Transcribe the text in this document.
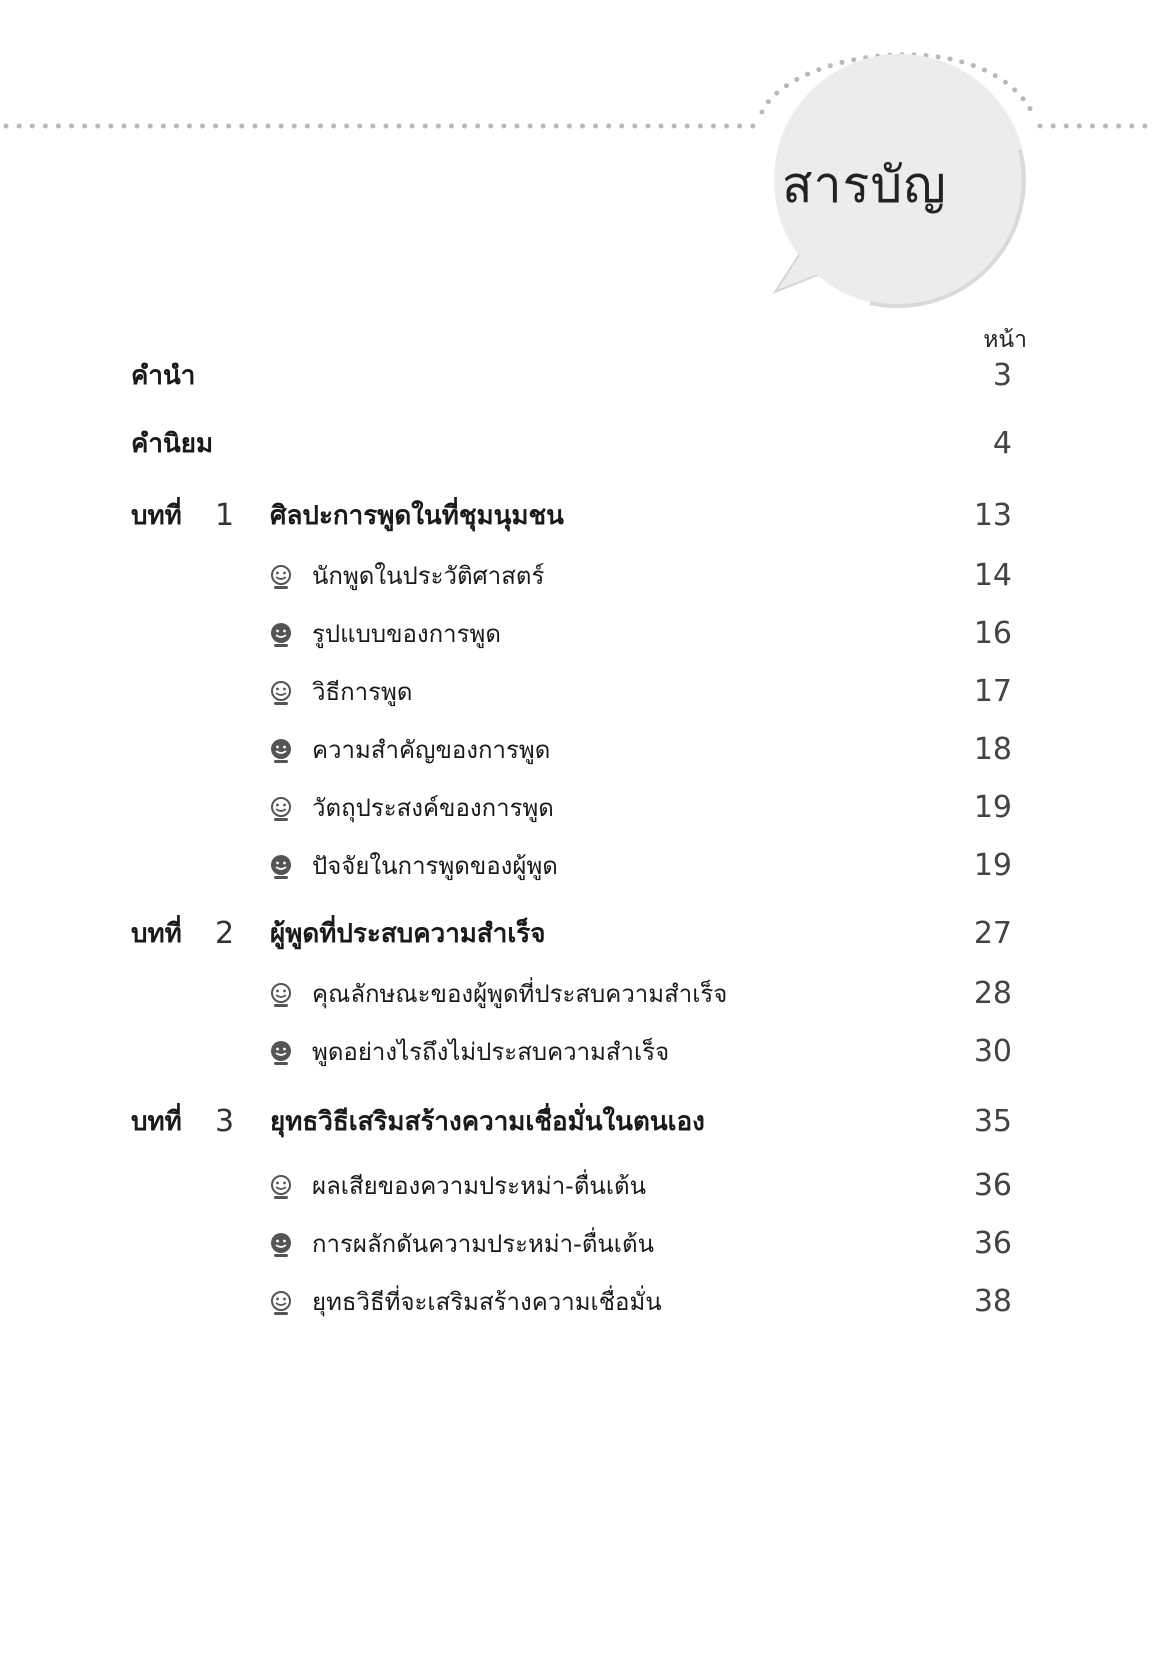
สารบัญ
หน้า
คำนำ	3
คำนิยม	4
บทที่ 1 ศิลปะการพูดในที่ชุมนุมชน	13
นักพูดในประวัติศาสตร์	14
รูปแบบของการพูด	16
วิธีการพูด	17
ความสำคัญของการพูด	18
วัตถุประสงค์ของการพูด	19
ปัจจัยในการพูดของผู้พูด	19
บทที่ 2 ผู้พูดที่ประสบความสำเร็จ	27
คุณลักษณะของผู้พูดที่ประสบความสำเร็จ	28
พูดอย่างไรถึงไม่ประสบความสำเร็จ	30
บทที่ 3 ยุทธวิธีเสริมสร้างความเชื่อมั่นในตนเอง	35
ผลเสียของความประหม่า-ตื่นเต้น	36
การผลักดันความประหม่า-ตื่นเต้น	36
ยุทธวิธีที่จะเสริมสร้างความเชื่อมั่น	38
